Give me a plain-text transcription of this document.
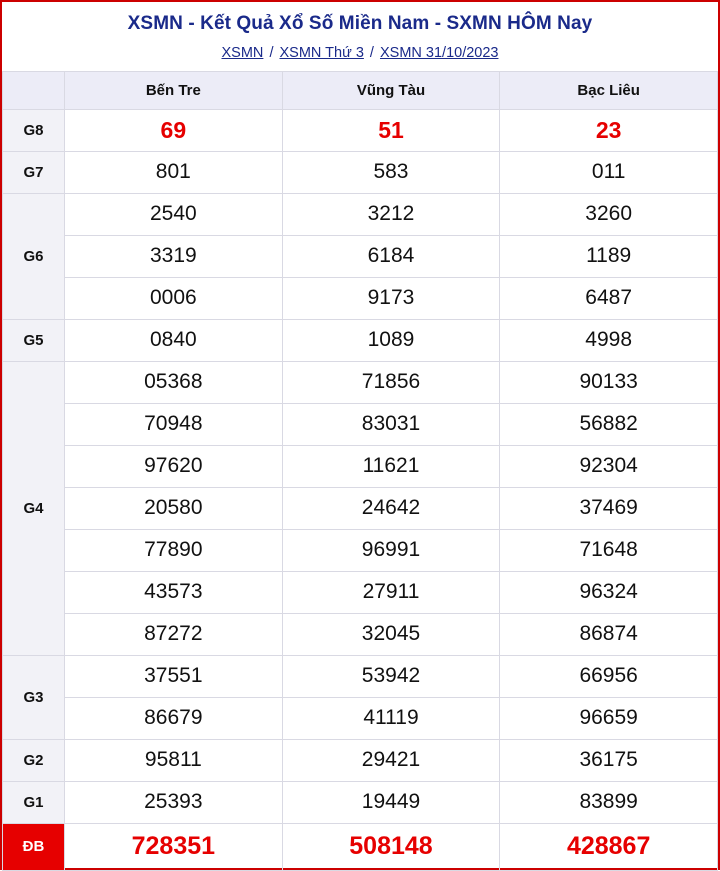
XSMN - Kết Quả Xổ Số Miền Nam - SXMN HÔM Nay
XSMN / XSMN Thứ 3 / XSMN 31/10/2023
	Bến Tre	Vũng Tàu	Bạc Liêu
G8	69	51	23
G7	801	583	011
G6	2540	3212	3260
	3319	6184	1189
	0006	9173	6487
G5	0840	1089	4998
G4	05368	71856	90133
	70948	83031	56882
	97620	11621	92304
	20580	24642	37469
	77890	96991	71648
	43573	27911	96324
	87272	32045	86874
G3	37551	53942	66956
	86679	41119	96659
G2	95811	29421	36175
G1	25393	19449	83899
ĐB	728351	508148	428867
